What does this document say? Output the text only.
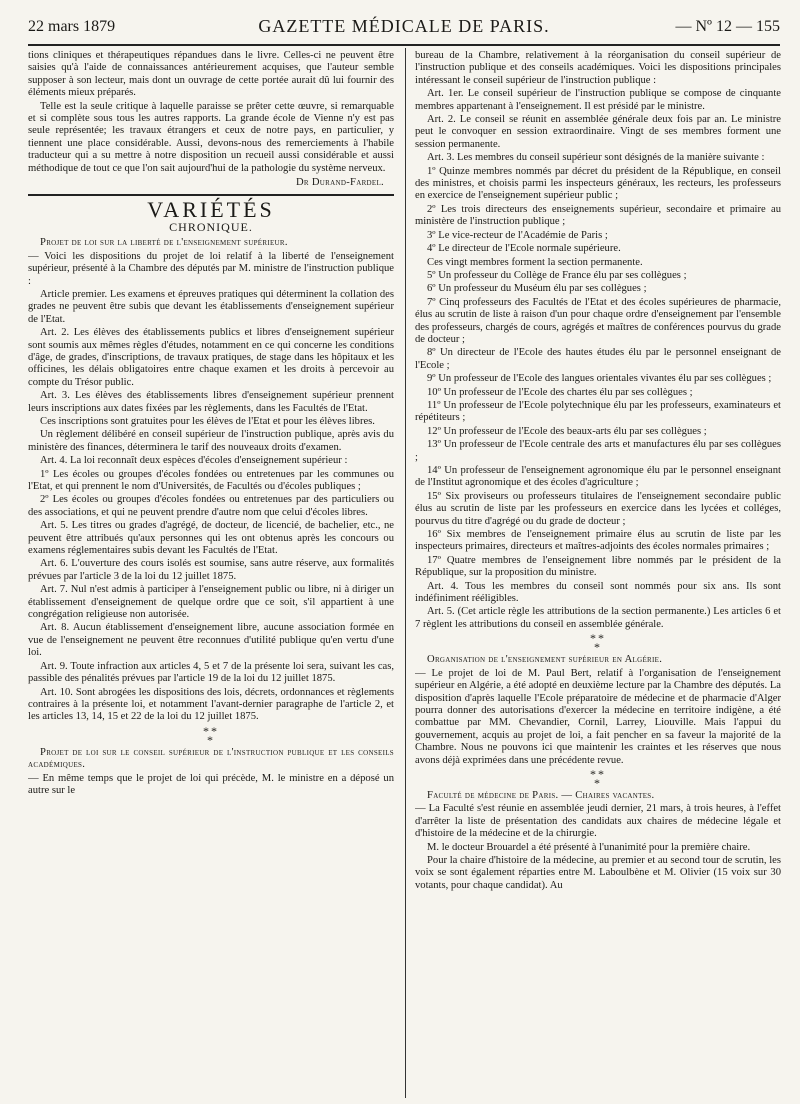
22 mars 1879	GAZETTE MÉDICALE DE PARIS.	— Nº 12 — 155

tions cliniques et thérapeutiques répandues dans le livre. Celles-ci ne peuvent être saisies qu'à l'aide de connaissances antérieurement acquises, que l'auteur semble supposer à son lecteur, mais dont un ouvrage de cette portée aurait dû lui fournir des éléments mieux préparés.

Telle est la seule critique à laquelle paraisse se prêter cette œuvre, si remarquable et si complète sous tous les autres rapports. La grande école de Vienne n'y est pas seule représentée; les travaux étrangers et ceux de notre pays, en particulier, y tiennent une place considérable. Aussi, devons-nous des remerciements à l'habile traducteur qui a su mettre à notre disposition un recueil aussi considérable et aussi méthodique de tout ce que l'on sait aujourd'hui de la pathologie du système nerveux.

Dr Durand-Fardel.
VARIÉTÉS
CHRONIQUE.

Projet de loi sur la liberté de l'enseignement supérieur.

— Voici les dispositions du projet de loi relatif à la liberté de l'enseignement supérieur, présenté à la Chambre des députés par M. ministre de l'instruction publique :

Article premier. Les examens et épreuves pratiques qui déterminent la collation des grades ne peuvent être subis que devant les établissements d'enseignement supérieur de l'Etat.

Art. 2. Les élèves des établissements publics et libres d'enseignement supérieur sont soumis aux mêmes règles d'études, notamment en ce qui concerne les conditions d'âge, de grades, d'inscriptions, de travaux pratiques, de stage dans les hôpitaux et les officines, les délais obligatoires entre chaque examen et les droits à percevoir au compte du Trésor public.

Art. 3. Les élèves des établissements libres d'enseignement supérieur prennent leurs inscriptions aux dates fixées par les règlements, dans les Facultés de l'Etat.

Ces inscriptions sont gratuites pour les élèves de l'Etat et pour les élèves libres.

Un règlement délibéré en conseil supérieur de l'instruction publique, après avis du ministère des finances, déterminera le tarif des nouveaux droits d'examen.

Art. 4. La loi reconnaît deux espèces d'écoles d'enseignement supérieur :

1º Les écoles ou groupes d'écoles fondées ou entretenues par les communes ou l'Etat, et qui prennent le nom d'Universités, de Facultés ou d'écoles publiques ;

2º Les écoles ou groupes d'écoles fondées ou entretenues par des particuliers ou des associations, et qui ne peuvent prendre d'autre nom que celui d'écoles libres.

Art. 5. Les titres ou grades d'agrégé, de docteur, de licencié, de bachelier, etc., ne peuvent être attribués qu'aux personnes qui les ont obtenus après les concours ou examens réglementaires subis devant les Facultés de l'Etat.

Art. 6. L'ouverture des cours isolés est soumise, sans autre réserve, aux formalités prévues par l'article 3 de la loi du 12 juillet 1875.

Art. 7. Nul n'est admis à participer à l'enseignement public ou libre, ni à diriger un établissement d'enseignement de quelque ordre que ce soit, s'il appartient à une congrégation religieuse non autorisée.

Art. 8. Aucun établissement d'enseignement libre, aucune association formée en vue de l'enseignement ne peuvent être reconnues d'utilité publique qu'en vertu d'une loi.

Art. 9. Toute infraction aux articles 4, 5 et 7 de la présente loi sera, suivant les cas, passible des pénalités prévues par l'article 19 de la loi du 12 juillet 1875.

Art. 10. Sont abrogées les dispositions des lois, décrets, ordonnances et règlements contraires à la présente loi, et notamment l'avant-dernier paragraphe de l'article 2, et les articles 13, 14, 15 et 22 de la loi du 12 juillet 1875.

**
*

Projet de loi sur le conseil supérieur de l'instruction publique et les conseils académiques.

— En même temps que le projet de loi qui précède, M. le ministre en a déposé un autre sur le

bureau de la Chambre, relativement à la réorganisation du conseil supérieur de l'instruction publique et des conseils académiques. Voici les dispositions principales intéressant le conseil supérieur de l'instruction publique :

Art. 1er. Le conseil supérieur de l'instruction publique se compose de cinquante membres appartenant à l'enseignement. Il est présidé par le ministre.

Art. 2. Le conseil se réunit en assemblée générale deux fois par an. Le ministre peut le convoquer en session extraordinaire. Vingt de ses membres forment une session permanente.

Art. 3. Les membres du conseil supérieur sont désignés de la manière suivante :

1º Quinze membres nommés par décret du président de la République, en conseil des ministres, et choisis parmi les inspecteurs généraux, les recteurs, les professeurs en exercice de l'enseignement supérieur public ;

2º Les trois directeurs des enseignements supérieur, secondaire et primaire au ministère de l'instruction publique ;

3º Le vice-recteur de l'Académie de Paris ;

4º Le directeur de l'Ecole normale supérieure.

Ces vingt membres forment la section permanente.

5º Un professeur du Collège de France élu par ses collègues ;

6º Un professeur du Muséum élu par ses collègues ;

7º Cinq professeurs des Facultés de l'Etat et des écoles supérieures de pharmacie, élus au scrutin de liste à raison d'un pour chaque ordre d'enseignement par l'ensemble des professeurs, chargés de cours, agrégés et maîtres de conférences pourvus du grade de docteur ;

8º Un directeur de l'Ecole des hautes études élu par le personnel enseignant de l'Ecole ;

9º Un professeur de l'Ecole des langues orientales vivantes élu par ses collègues ;

10º Un professeur de l'Ecole des chartes élu par ses collègues ;

11º Un professeur de l'Ecole polytechnique élu par les professeurs, examinateurs et répétiteurs ;

12º Un professeur de l'Ecole des beaux-arts élu par ses collègues ;

13º Un professeur de l'Ecole centrale des arts et manufactures élu par ses collègues ;

14º Un professeur de l'enseignement agronomique élu par le personnel enseignant de l'Institut agronomique et des écoles d'agriculture ;

15º Six proviseurs ou professeurs titulaires de l'enseignement secondaire public élus au scrutin de liste par les professeurs en exercice dans les lycées et colléges, pourvus du titre d'agrégé ou du grade de docteur ;

16º Six membres de l'enseignement primaire élus au scrutin de liste par les inspecteurs primaires, directeurs et maîtres-adjoints des écoles normales primaires ;

17º Quatre membres de l'enseignement libre nommés par le président de la République, sur la proposition du ministre.

Art. 4. Tous les membres du conseil sont nommés pour six ans. Ils sont indéfiniment rééligibles.

Art. 5. (Cet article règle les attributions de la section permanente.) Les articles 6 et 7 règlent les attributions du conseil en assemblée générale.

**
*

Organisation de l'enseignement supérieur en Algérie.

— Le projet de loi de M. Paul Bert, relatif à l'organisation de l'enseignement supérieur en Algérie, a été adopté en deuxième lecture par la Chambre des députés. La disposition d'après laquelle l'Ecole préparatoire de médecine et de pharmacie d'Alger pourra donner des autorisations d'exercer la médecine en territoire indigène, a été combattue par MM. Chevandier, Cornil, Larrey, Liouville. Mais l'appui du gouvernement, acquis au projet de loi, a fait pencher en sa faveur la majorité de la Chambre. Nous ne pouvons ici que maintenir les craintes et les réserves que nous avons déjà exprimées dans une précédente revue.

**
*

Faculté de médecine de Paris. — Chaires vacantes.

— La Faculté s'est réunie en assemblée jeudi dernier, 21 mars, à trois heures, à l'effet d'arrêter la liste de présentation des candidats aux chaires de médecine légale et d'histoire de la médecine et de la chirurgie.

M. le docteur Brouardel a été présenté à l'unanimité pour la première chaire.

Pour la chaire d'histoire de la médecine, au premier et au second tour de scrutin, les voix se sont également réparties entre M. Laboulbène et M. Olivier (15 voix sur 30 votants, pour chaque candidat). Au
